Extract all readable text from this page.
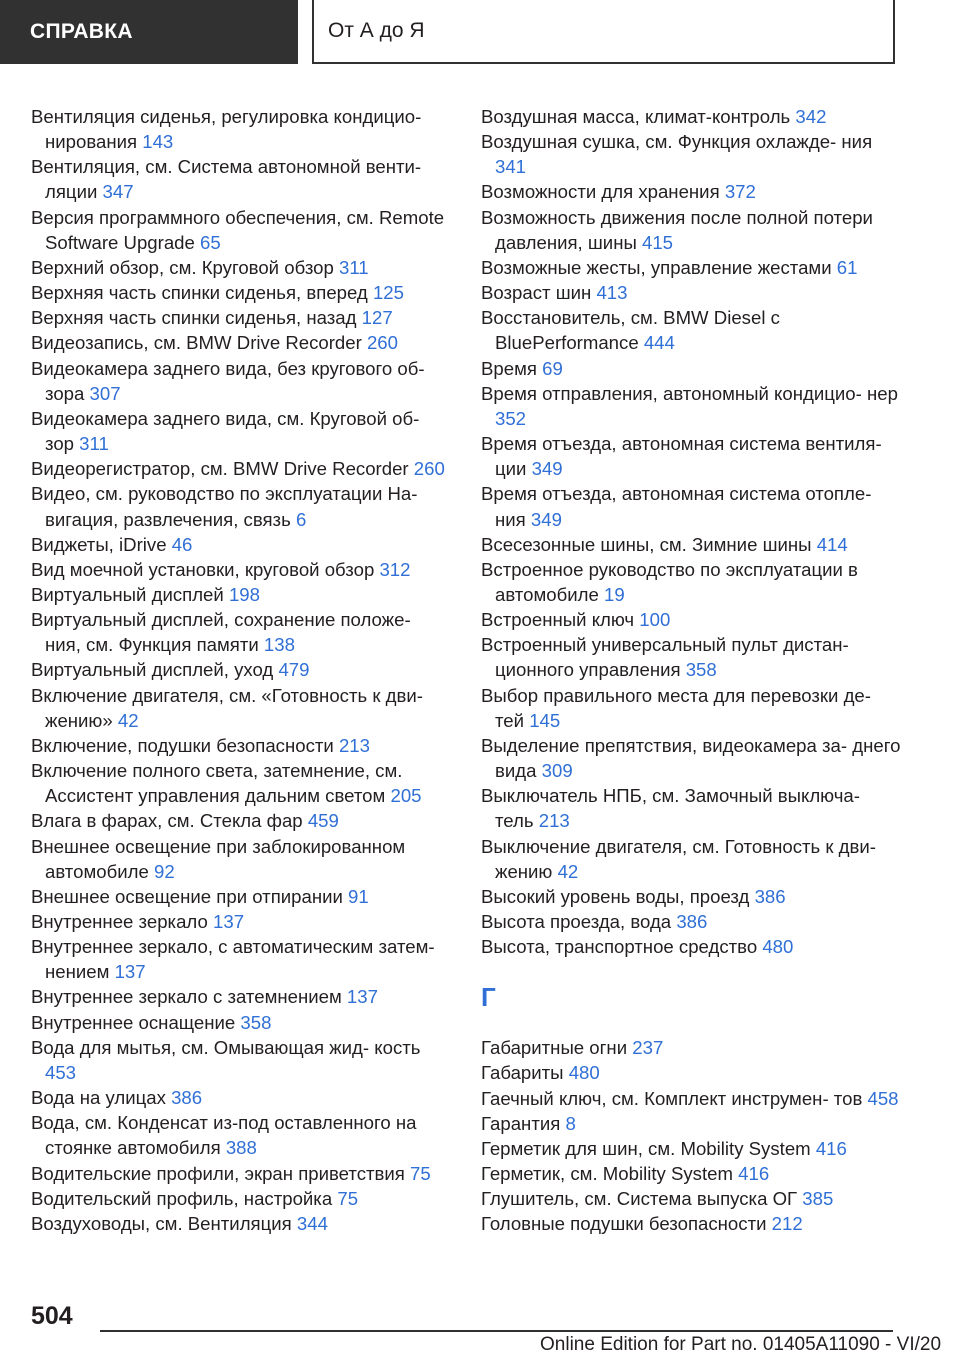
СПРАВКА	От А до Я
Вентиляция сиденья, регулировка кондицио- нирования 143
Вентиляция, см. Система автономной венти- ляции 347
Версия программного обеспечения, см. Remote Software Upgrade 65
Верхний обзор, см. Круговой обзор 311
Верхняя часть спинки сиденья, вперед 125
Верхняя часть спинки сиденья, назад 127
Видеозапись, см. BMW Drive Recorder 260
Видеокамера заднего вида, без кругового об- зора 307
Видеокамера заднего вида, см. Круговой об- зор 311
Видеорегистратор, см. BMW Drive Recorder 260
Видео, см. руководство по эксплуатации На- вигация, развлечения, связь 6
Виджеты, iDrive 46
Вид моечной установки, круговой обзор 312
Виртуальный дисплей 198
Виртуальный дисплей, сохранение положе- ния, см. Функция памяти 138
Виртуальный дисплей, уход 479
Включение двигателя, см. «Готовность к дви- жению» 42
Включение, подушки безопасности 213
Включение полного света, затемнение, см. Ассистент управления дальним светом 205
Влага в фарах, см. Стекла фар 459
Внешнее освещение при заблокированном автомобиле 92
Внешнее освещение при отпирании 91
Внутреннее зеркало 137
Внутреннее зеркало, с автоматическим затем- нением 137
Внутреннее зеркало с затемнением 137
Внутреннее оснащение 358
Вода для мытья, см. Омывающая жид- кость 453
Вода на улицах 386
Вода, см. Конденсат из-под оставленного на стоянке автомобиля 388
Водительские профили, экран приветствия 75
Водительский профиль, настройка 75
Воздуховоды, см. Вентиляция 344
Воздушная масса, климат-контроль 342
Воздушная сушка, см. Функция охлажде- ния 341
Возможности для хранения 372
Возможность движения после полной потери давления, шины 415
Возможные жесты, управление жестами 61
Возраст шин 413
Восстановитель, см. BMW Diesel с BluePerformance 444
Время 69
Время отправления, автономный кондицио- нер 352
Время отъезда, автономная система вентиля- ции 349
Время отъезда, автономная система отопле- ния 349
Всесезонные шины, см. Зимние шины 414
Встроенное руководство по эксплуатации в автомобиле 19
Встроенный ключ 100
Встроенный универсальный пульт дистан- ционного управления 358
Выбор правильного места для перевозки де- тей 145
Выделение препятствия, видеокамера за- днего вида 309
Выключатель НПБ, см. Замочный выключа- тель 213
Выключение двигателя, см. Готовность к дви- жению 42
Высокий уровень воды, проезд 386
Высота проезда, вода 386
Высота, транспортное средство 480
Г
Габаритные огни 237
Габариты 480
Гаечный ключ, см. Комплект инструмен- тов 458
Гарантия 8
Герметик для шин, см. Mobility System 416
Герметик, см. Mobility System 416
Глушитель, см. Система выпуска ОГ 385
Головные подушки безопасности 212
504
Online Edition for Part no. 01405A11090 - VI/20
